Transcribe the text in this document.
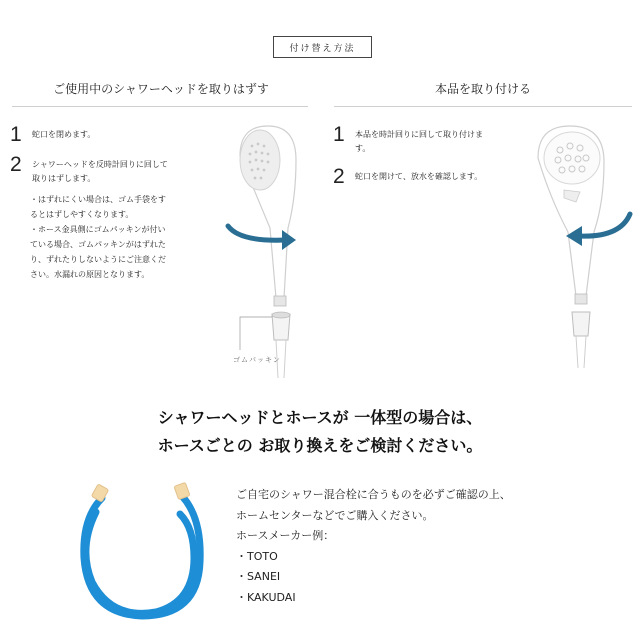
付け替え方法
ご使用中のシャワーヘッドを取りはずす	本品を取り付ける
1	蛇口を閉めます。
2	シャワーヘッドを反時計回りに回して
取りはずします。
・はずれにくい場合は、ゴム手袋をす
るとはずしやすくなります。
・ホース金具側にゴムパッキンが付い
ている場合、ゴムパッキンがはずれた
り、ずれたりしないようにご注意くだ
さい。水漏れの原因となります。
ゴムパッキン
1	本品を時計回りに回して取り付けま
す。
2	蛇口を開けて、放水を確認します。
シャワーヘッドとホースが 一体型の場合は、
ホースごとの お取り換えをご検討ください。
ご自宅のシャワー混合栓に合うものを必ずご確認の上、
ホームセンターなどでご購入ください。
ホースメーカー例：
・TOTO
・SANEI
・KAKUDAI
